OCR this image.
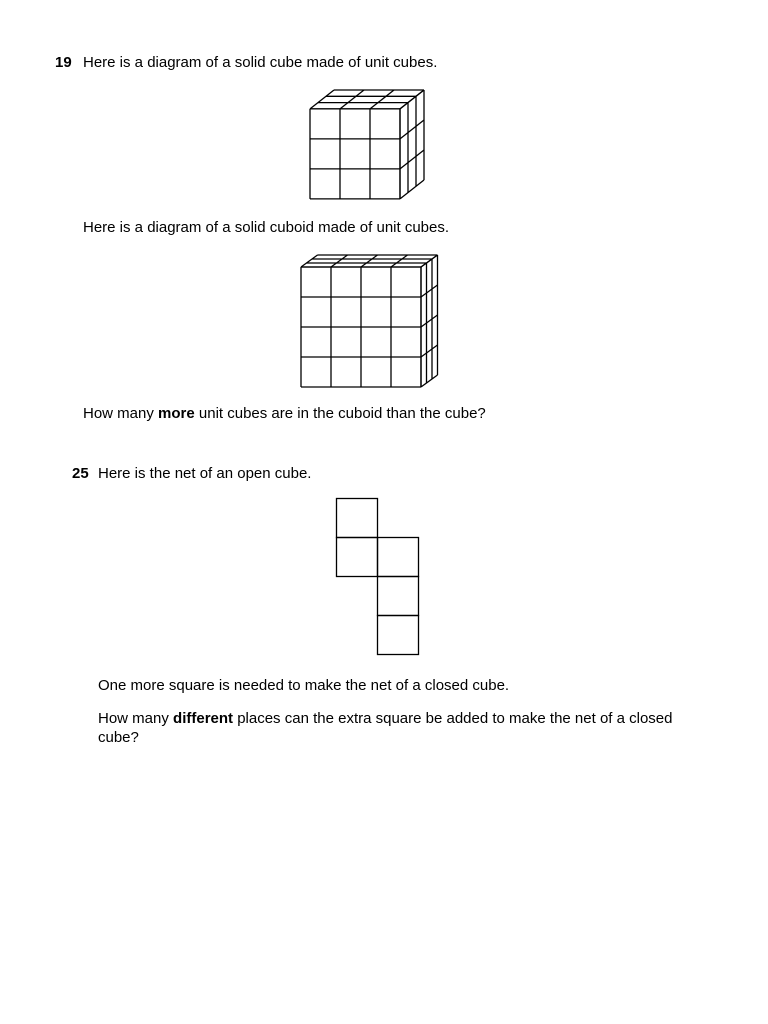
19 Here is a diagram of a solid cube made of unit cubes.
Here is a diagram of a solid cuboid made of unit cubes.
How many more unit cubes are in the cuboid than the cube?
25 Here is the net of an open cube.
One more square is needed to make the net of a closed cube.
How many different places can the extra square be added to make the net of a closed cube?
